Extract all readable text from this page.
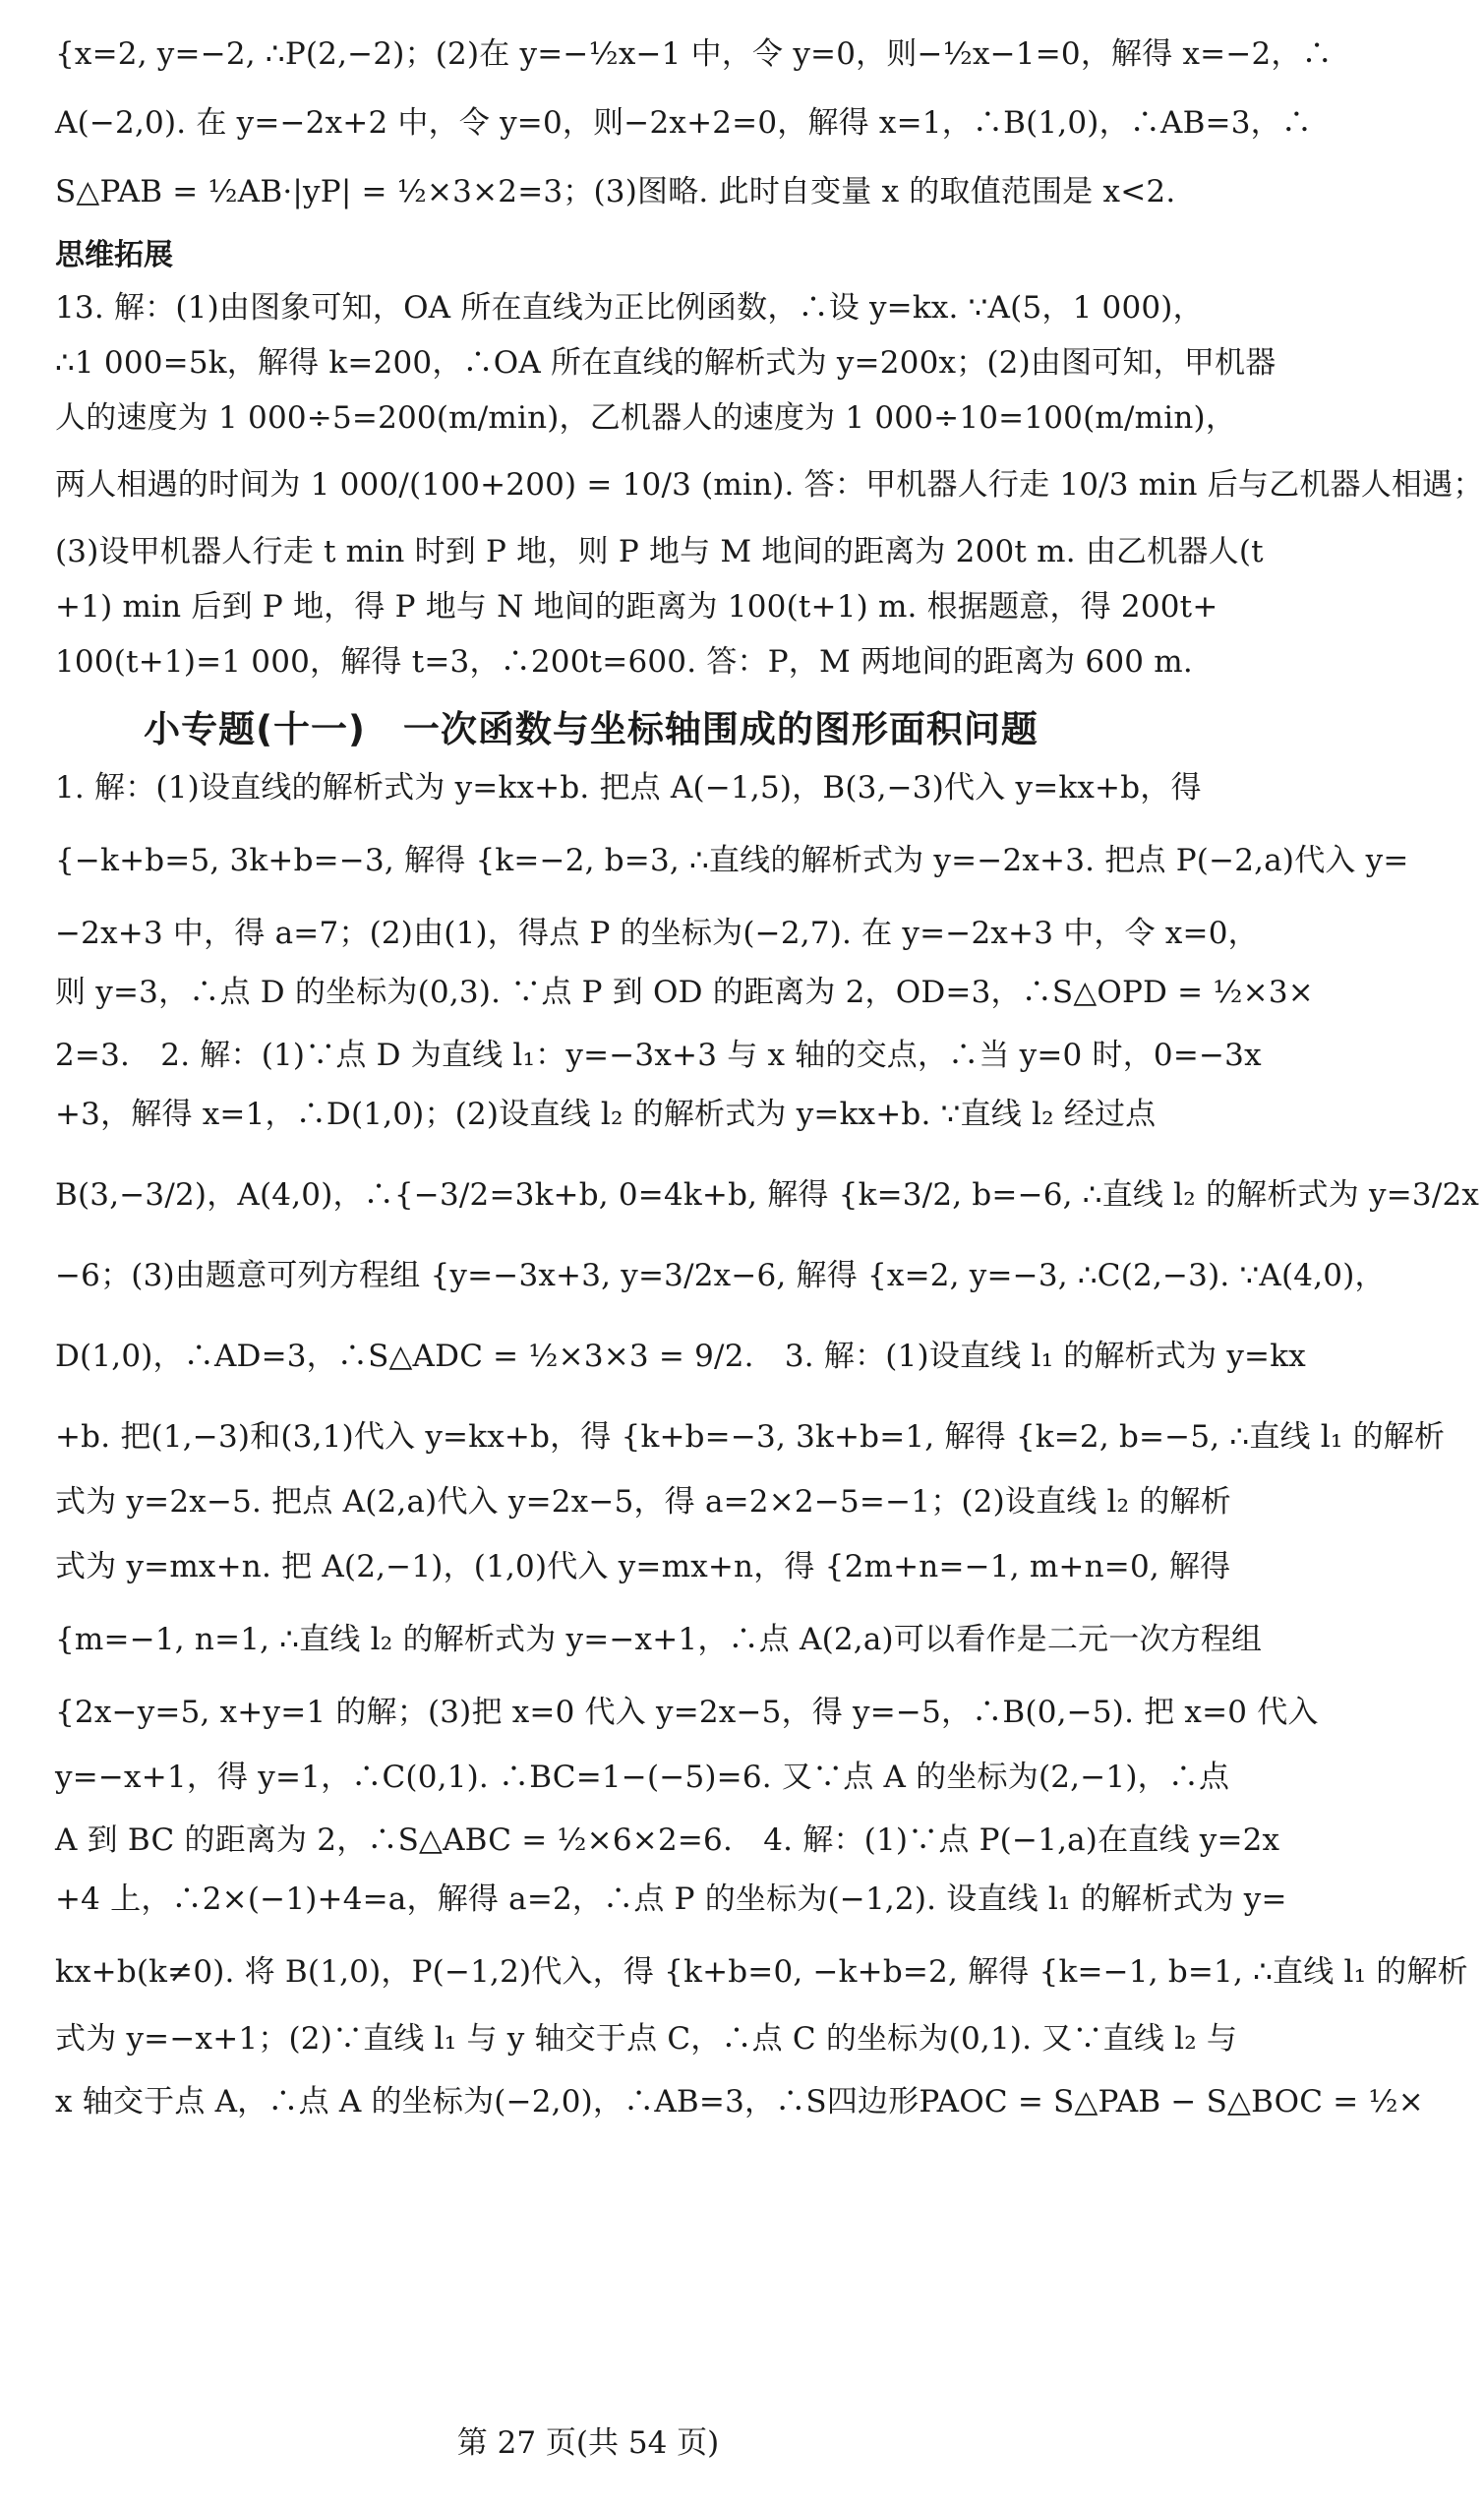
{x=2, y=−2, ∴P(2,−2)；(2)在 y=−½x−1 中，令 y=0，则−½x−1=0，解得 x=−2，∴

A(−2,0). 在 y=−2x+2 中，令 y=0，则−2x+2=0，解得 x=1，∴B(1,0)，∴AB=3，∴

S△PAB = ½AB·|yP| = ½×3×2=3；(3)图略. 此时自变量 x 的取值范围是 x<2.

思维拓展

13. 解：(1)由图象可知，OA 所在直线为正比例函数，∴设 y=kx. ∵A(5，1 000)，

∴1 000=5k，解得 k=200，∴OA 所在直线的解析式为 y=200x；(2)由图可知，甲机器

人的速度为 1 000÷5=200(m/min)，乙机器人的速度为 1 000÷10=100(m/min)，

两人相遇的时间为 1 000/(100+200) = 10/3 (min). 答：甲机器人行走 10/3 min 后与乙机器人相遇；

(3)设甲机器人行走 t min 时到 P 地，则 P 地与 M 地间的距离为 200t m. 由乙机器人(t

+1) min 后到 P 地，得 P 地与 N 地间的距离为 100(t+1) m. 根据题意，得 200t+

100(t+1)=1 000，解得 t=3，∴200t=600. 答：P，M 两地间的距离为 600 m.

小专题(十一)　一次函数与坐标轴围成的图形面积问题

1. 解：(1)设直线的解析式为 y=kx+b. 把点 A(−1,5)，B(3,−3)代入 y=kx+b，得

{−k+b=5, 3k+b=−3, 解得 {k=−2, b=3, ∴直线的解析式为 y=−2x+3. 把点 P(−2,a)代入 y=

−2x+3 中，得 a=7；(2)由(1)，得点 P 的坐标为(−2,7). 在 y=−2x+3 中，令 x=0，

则 y=3，∴点 D 的坐标为(0,3). ∵点 P 到 OD 的距离为 2，OD=3，∴S△OPD = ½×3×

2=3.　2. 解：(1)∵点 D 为直线 l₁：y=−3x+3 与 x 轴的交点，∴当 y=0 时，0=−3x

+3，解得 x=1，∴D(1,0)；(2)设直线 l₂ 的解析式为 y=kx+b. ∵直线 l₂ 经过点

B(3,−3/2)，A(4,0)，∴{−3/2=3k+b, 0=4k+b, 解得 {k=3/2, b=−6, ∴直线 l₂ 的解析式为 y=3/2x

−6；(3)由题意可列方程组 {y=−3x+3, y=3/2x−6, 解得 {x=2, y=−3, ∴C(2,−3). ∵A(4,0)，

D(1,0)，∴AD=3，∴S△ADC = ½×3×3 = 9/2.　3. 解：(1)设直线 l₁ 的解析式为 y=kx

+b. 把(1,−3)和(3,1)代入 y=kx+b，得 {k+b=−3, 3k+b=1, 解得 {k=2, b=−5, ∴直线 l₁ 的解析

式为 y=2x−5. 把点 A(2,a)代入 y=2x−5，得 a=2×2−5=−1；(2)设直线 l₂ 的解析

式为 y=mx+n. 把 A(2,−1)，(1,0)代入 y=mx+n，得 {2m+n=−1, m+n=0, 解得

{m=−1, n=1, ∴直线 l₂ 的解析式为 y=−x+1，∴点 A(2,a)可以看作是二元一次方程组

{2x−y=5, x+y=1 的解；(3)把 x=0 代入 y=2x−5，得 y=−5，∴B(0,−5). 把 x=0 代入

y=−x+1，得 y=1，∴C(0,1). ∴BC=1−(−5)=6. 又∵点 A 的坐标为(2,−1)，∴点

A 到 BC 的距离为 2，∴S△ABC = ½×6×2=6.　4. 解：(1)∵点 P(−1,a)在直线 y=2x

+4 上，∴2×(−1)+4=a，解得 a=2，∴点 P 的坐标为(−1,2). 设直线 l₁ 的解析式为 y=

kx+b(k≠0). 将 B(1,0)，P(−1,2)代入，得 {k+b=0, −k+b=2, 解得 {k=−1, b=1, ∴直线 l₁ 的解析

式为 y=−x+1；(2)∵直线 l₁ 与 y 轴交于点 C，∴点 C 的坐标为(0,1). 又∵直线 l₂ 与

x 轴交于点 A，∴点 A 的坐标为(−2,0)，∴AB=3，∴S四边形PAOC = S△PAB − S△BOC = ½×

第 27 页(共 54 页)
